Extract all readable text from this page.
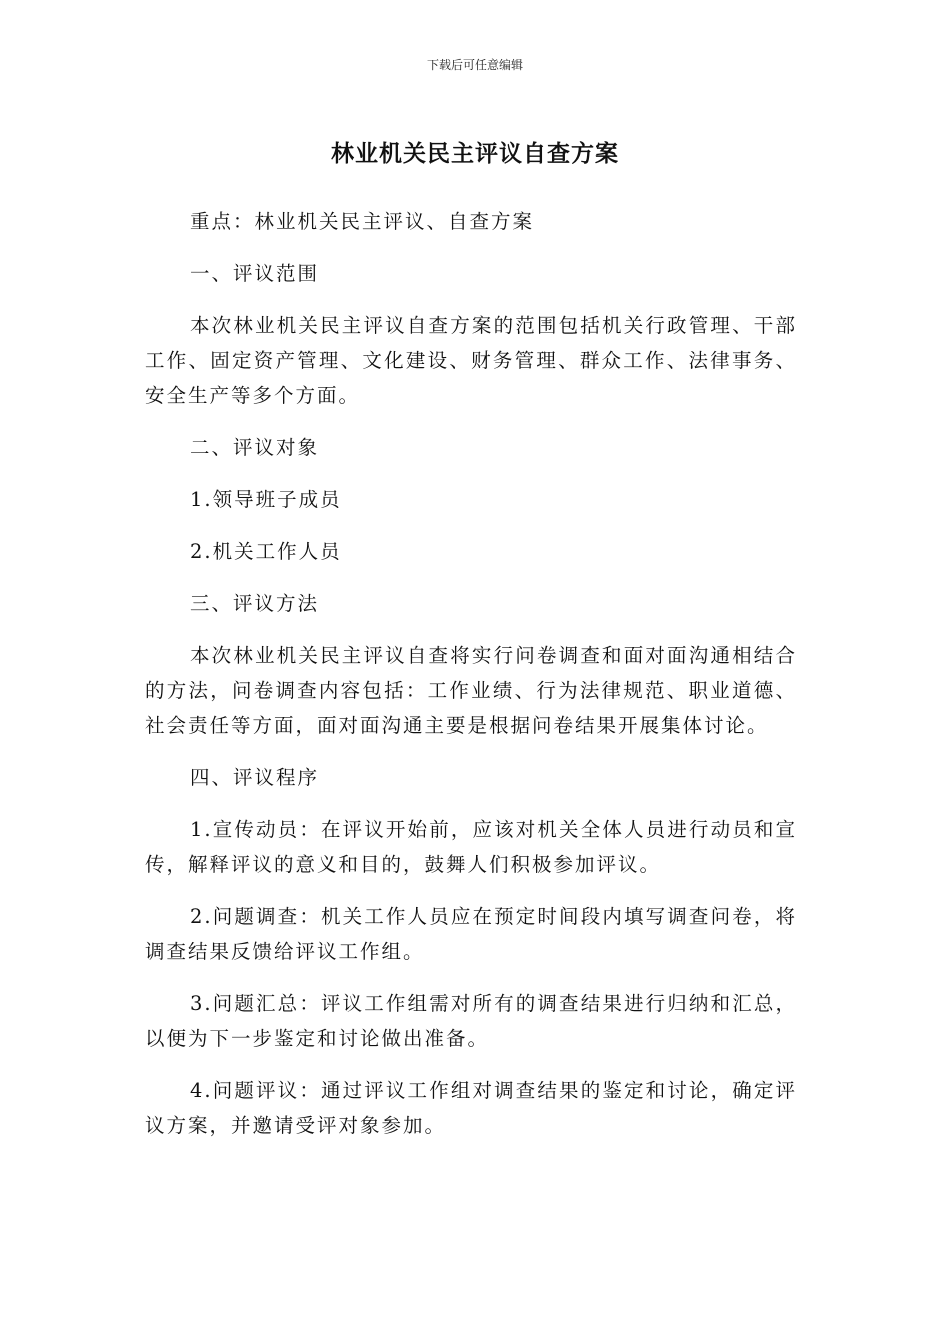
下载后可任意编辑
林业机关民主评议自查方案

重点：林业机关民主评议、自查方案

一、评议范围

本次林业机关民主评议自查方案的范围包括机关行政管理、干部工作、固定资产管理、文化建设、财务管理、群众工作、法律事务、安全生产等多个方面。

二、评议对象

1.领导班子成员

2.机关工作人员

三、评议方法

本次林业机关民主评议自查将实行问卷调查和面对面沟通相结合的方法，问卷调查内容包括：工作业绩、行为法律规范、职业道德、社会责任等方面，面对面沟通主要是根据问卷结果开展集体讨论。

四、评议程序

1.宣传动员：在评议开始前，应该对机关全体人员进行动员和宣传，解释评议的意义和目的，鼓舞人们积极参加评议。

2.问题调查：机关工作人员应在预定时间段内填写调查问卷，将调查结果反馈给评议工作组。

3.问题汇总：评议工作组需对所有的调查结果进行归纳和汇总，以便为下一步鉴定和讨论做出准备。

4.问题评议：通过评议工作组对调查结果的鉴定和讨论，确定评议方案，并邀请受评对象参加。
